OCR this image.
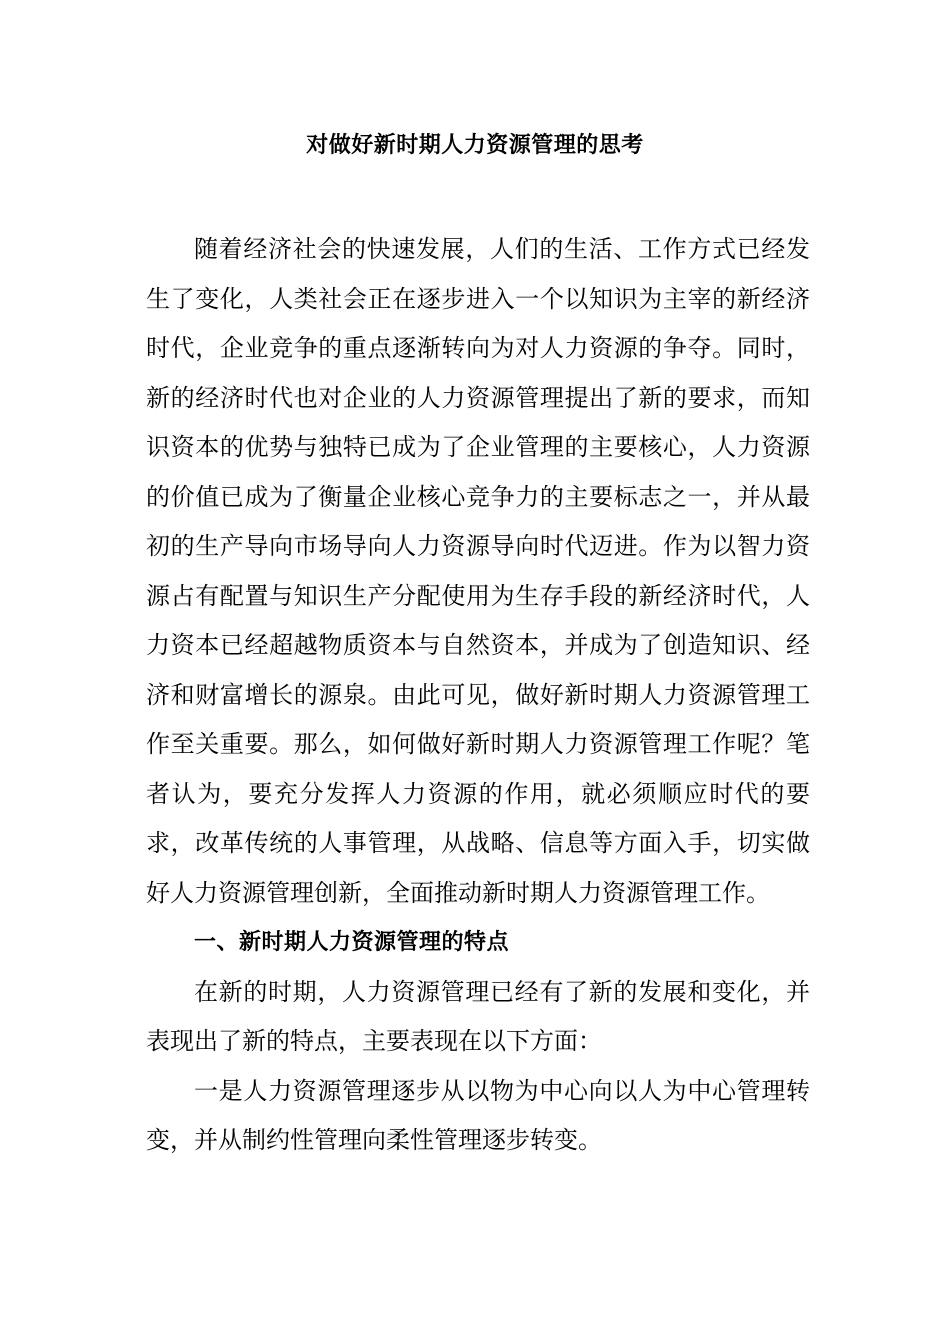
对做好新时期人力资源管理的思考

随着经济社会的快速发展，人们的生活、工作方式已经发生了变化，人类社会正在逐步进入一个以知识为主宰的新经济时代，企业竞争的重点逐渐转向为对人力资源的争夺。同时，新的经济时代也对企业的人力资源管理提出了新的要求，而知识资本的优势与独特已成为了企业管理的主要核心，人力资源的价值已成为了衡量企业核心竞争力的主要标志之一，并从最初的生产导向市场导向人力资源导向时代迈进。作为以智力资源占有配置与知识生产分配使用为生存手段的新经济时代，人力资本已经超越物质资本与自然资本，并成为了创造知识、经济和财富增长的源泉。由此可见，做好新时期人力资源管理工作至关重要。那么，如何做好新时期人力资源管理工作呢？笔者认为，要充分发挥人力资源的作用，就必须顺应时代的要求，改革传统的人事管理，从战略、信息等方面入手，切实做好人力资源管理创新，全面推动新时期人力资源管理工作。

一、新时期人力资源管理的特点

在新的时期，人力资源管理已经有了新的发展和变化，并表现出了新的特点，主要表现在以下方面：

一是人力资源管理逐步从以物为中心向以人为中心管理转变，并从制约性管理向柔性管理逐步转变。
